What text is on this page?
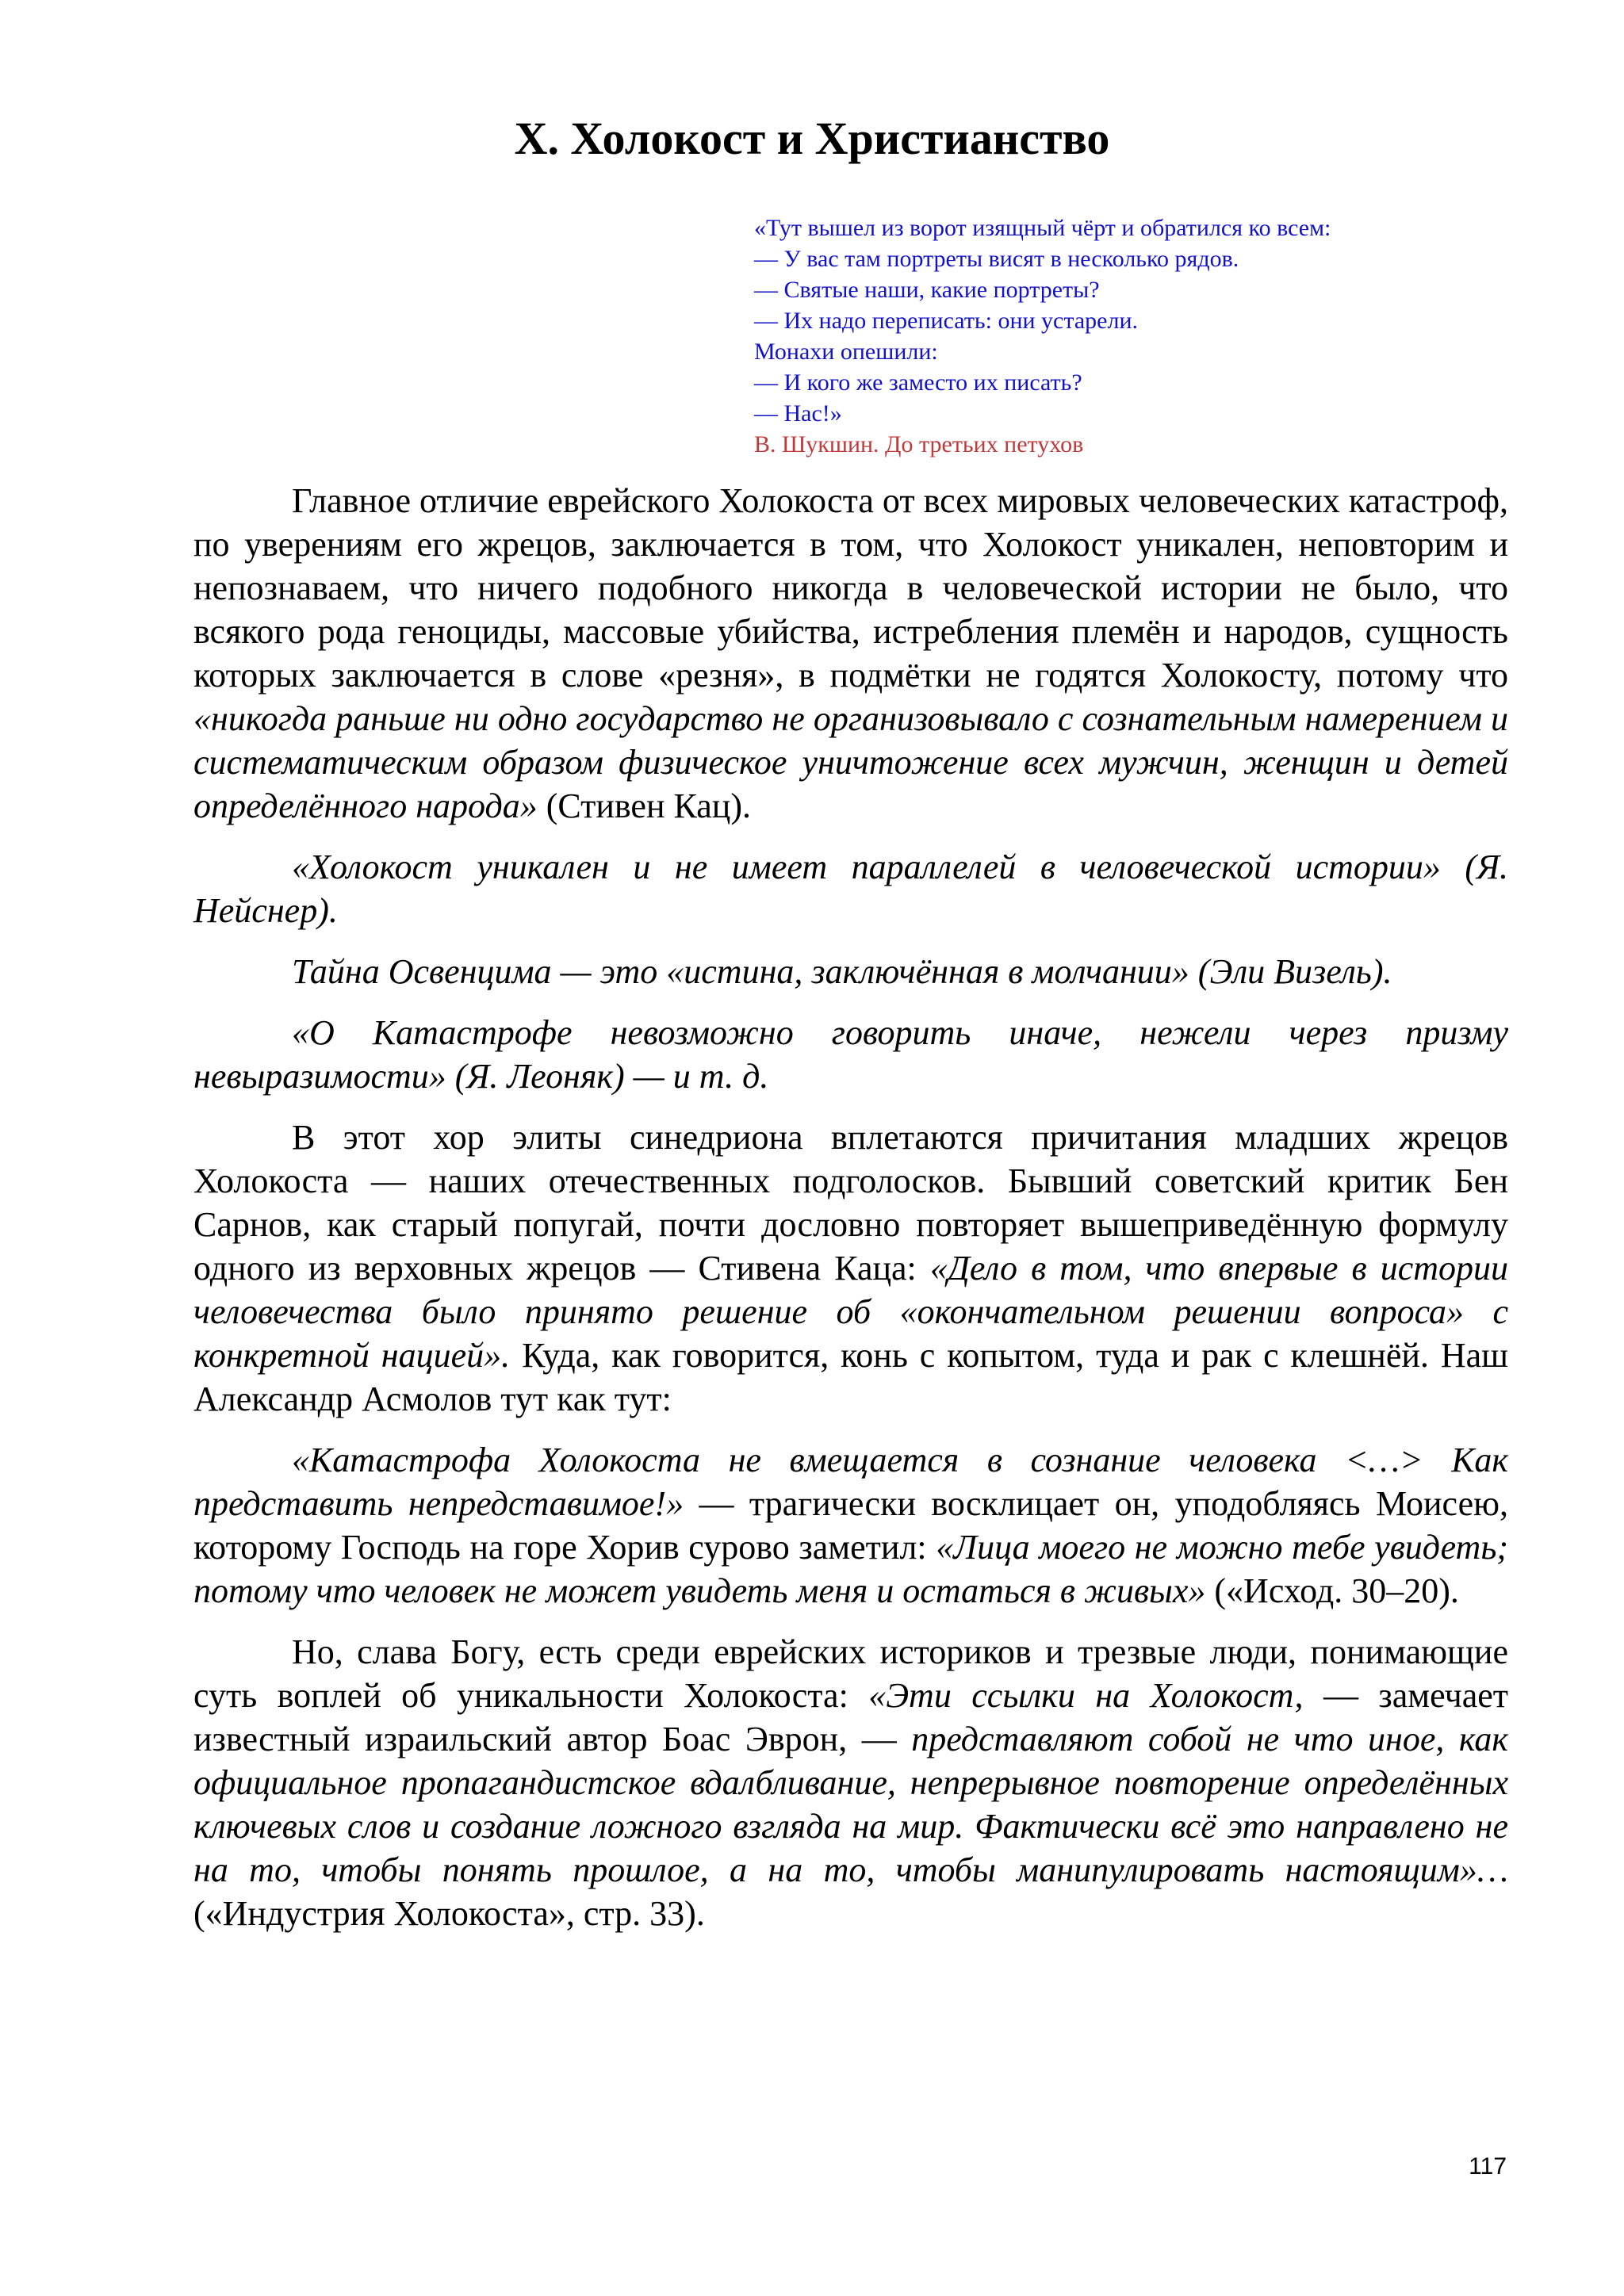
X. Холокост и Христианство
«Тут вышел из ворот изящный чёрт и обратился ко всем:
— У вас там портреты висят в несколько рядов.
— Святые наши, какие портреты?
— Их надо переписать: они устарели.
Монахи опешили:
— И кого же заместо их писать?
— Нас!»
В. Шукшин. До третьих петухов

Главное отличие еврейского Холокоста от всех мировых человеческих катастроф, по уверениям его жрецов, заключается в том, что Холокост уникален, неповторим и непознаваем, что ничего подобного никогда в человеческой истории не было, что всякого рода геноциды, массовые убийства, истребления племён и народов, сущность которых заключается в слове «резня», в подмётки не годятся Холокосту, потому что «никогда раньше ни одно государство не организовывало с сознательным намерением и систематическим образом физическое уничтожение всех мужчин, женщин и детей определённого народа» (Стивен Кац).

«Холокост уникален и не имеет параллелей в человеческой истории» (Я. Нейснер).

Тайна Освенцима — это «истина, заключённая в молчании» (Эли Визель).

«О Катастрофе невозможно говорить иначе, нежели через призму невыразимости» (Я. Леоняк) — и т. д.

В этот хор элиты синедриона вплетаются причитания младших жрецов Холокоста — наших отечественных подголосков. Бывший советский критик Бен Сарнов, как старый попугай, почти дословно повторяет вышеприведённую формулу одного из верховных жрецов — Стивена Каца: «Дело в том, что впервые в истории человечества было принято решение об «окончательном решении вопроса» с конкретной нацией». Куда, как говорится, конь с копытом, туда и рак с клешнёй. Наш Александр Асмолов тут как тут:

«Катастрофа Холокоста не вмещается в сознание человека <…> Как представить непредставимое!» — трагически восклицает он, уподобляясь Моисею, которому Господь на горе Хорив сурово заметил: «Лица моего не можно тебе увидеть; потому что человек не может увидеть меня и остаться в живых» («Исход. 30–20).

Но, слава Богу, есть среди еврейских историков и трезвые люди, понимающие суть воплей об уникальности Холокоста: «Эти ссылки на Холокост, — замечает известный израильский автор Боас Эврон, — представляют собой не что иное, как официальное пропагандистское вдалбливание, непрерывное повторение определённых ключевых слов и создание ложного взгляда на мир. Фактически всё это направлено не на то, чтобы понять прошлое, а на то, чтобы манипулировать настоящим»… («Индустрия Холокоста», стр. 33).

117
